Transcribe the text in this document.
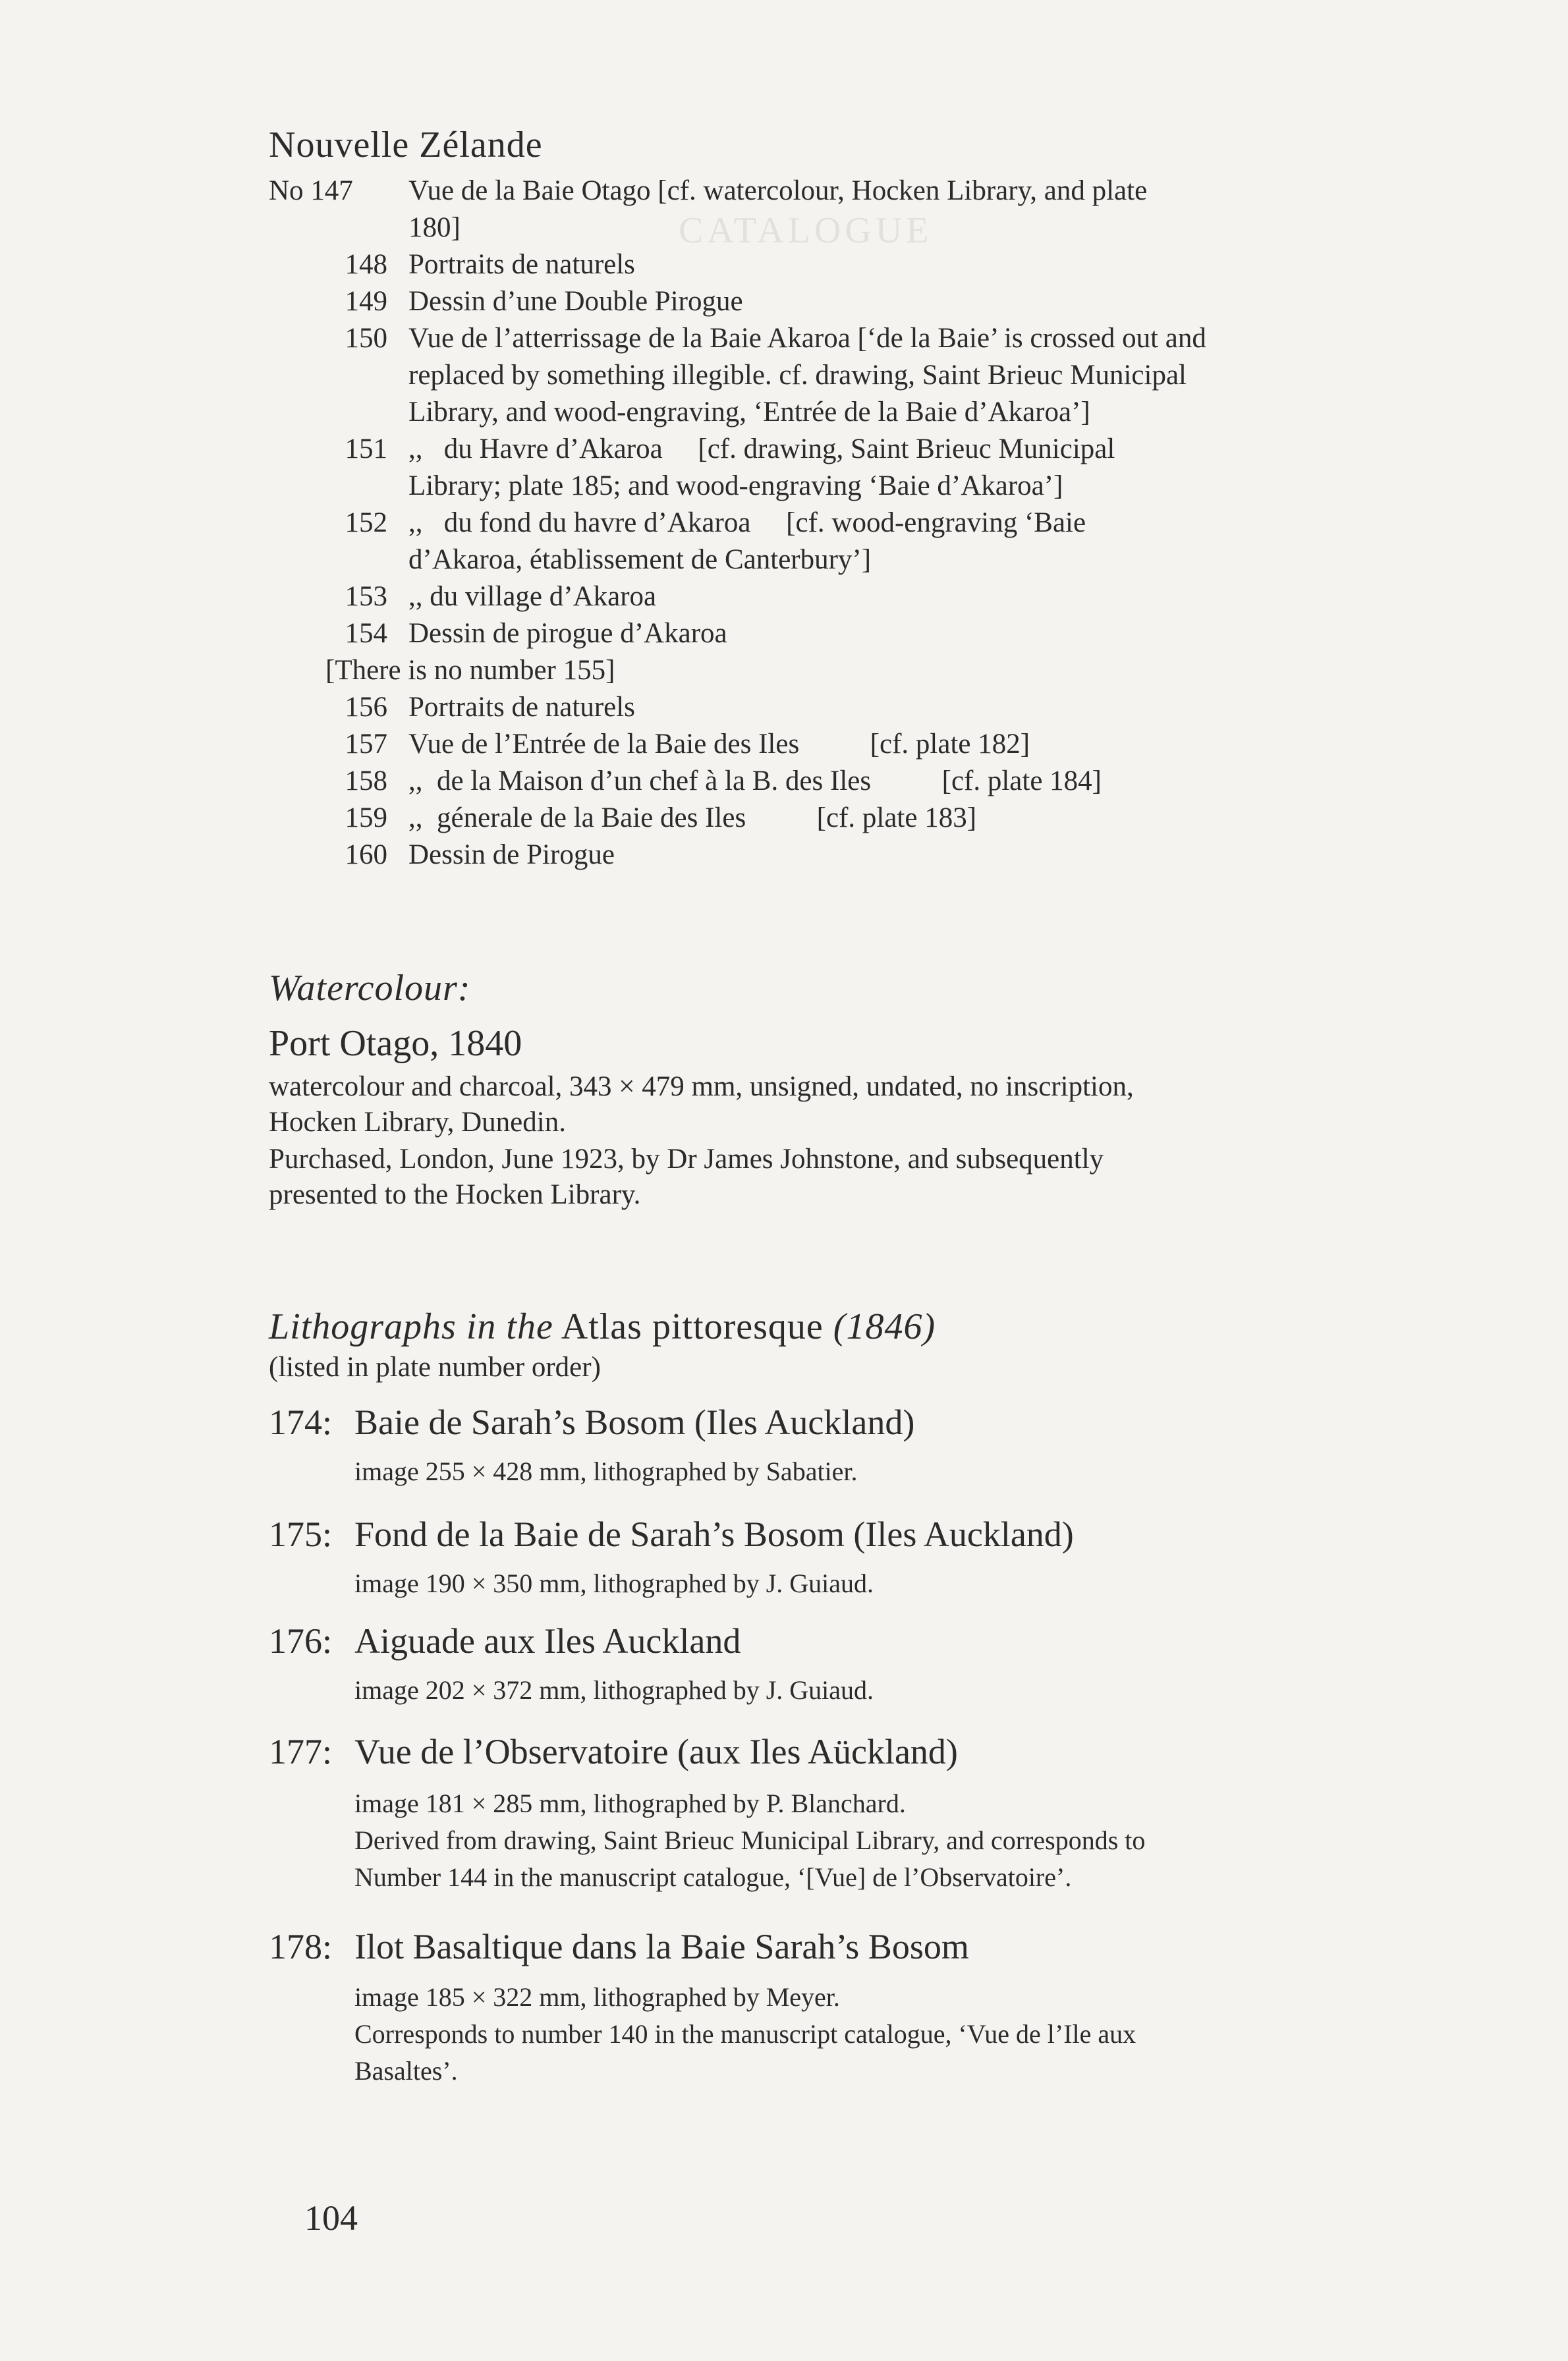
CATALOGUE
Nouvelle Zélande
No 147 Vue de la Baie Otago [cf. watercolour, Hocken Library, and plate
180]
148 Portraits de naturels
149 Dessin d’une Double Pirogue
150 Vue de l’atterrissage de la Baie Akaroa [‘de la Baie’ is crossed out and
replaced by something illegible. cf. drawing, Saint Brieuc Municipal
Library, and wood-engraving, ‘Entrée de la Baie d’Akaroa’]
151 ,,   du Havre d’Akaroa     [cf. drawing, Saint Brieuc Municipal
Library; plate 185; and wood-engraving ‘Baie d’Akaroa’]
152 ,,   du fond du havre d’Akaroa     [cf. wood-engraving ‘Baie
d’Akaroa, établissement de Canterbury’]
153 ,, du village d’Akaroa
154 Dessin de pirogue d’Akaroa
[There is no number 155]
156 Portraits de naturels
157 Vue de l’Entrée de la Baie des Iles          [cf. plate 182]
158 ,,  de la Maison d’un chef à la B. des Iles          [cf. plate 184]
159 ,,  génerale de la Baie des Iles          [cf. plate 183]
160 Dessin de Pirogue
Watercolour:
Port Otago, 1840
watercolour and charcoal, 343 × 479 mm, unsigned, undated, no inscription,
Hocken Library, Dunedin.
Purchased, London, June 1923, by Dr James Johnstone, and subsequently
presented to the Hocken Library.
Lithographs in the Atlas pittoresque (1846)
(listed in plate number order)
174: Baie de Sarah’s Bosom (Iles Auckland)
image 255 × 428 mm, lithographed by Sabatier.
175: Fond de la Baie de Sarah’s Bosom (Iles Auckland)
image 190 × 350 mm, lithographed by J. Guiaud.
176: Aiguade aux Iles Auckland
image 202 × 372 mm, lithographed by J. Guiaud.
177: Vue de l’Observatoire (aux Iles Aückland)
image 181 × 285 mm, lithographed by P. Blanchard.
Derived from drawing, Saint Brieuc Municipal Library, and corresponds to
Number 144 in the manuscript catalogue, ‘[Vue] de l’Observatoire’.
178: Ilot Basaltique dans la Baie Sarah’s Bosom
image 185 × 322 mm, lithographed by Meyer.
Corresponds to number 140 in the manuscript catalogue, ‘Vue de l’Ile aux
Basaltes’.
104
